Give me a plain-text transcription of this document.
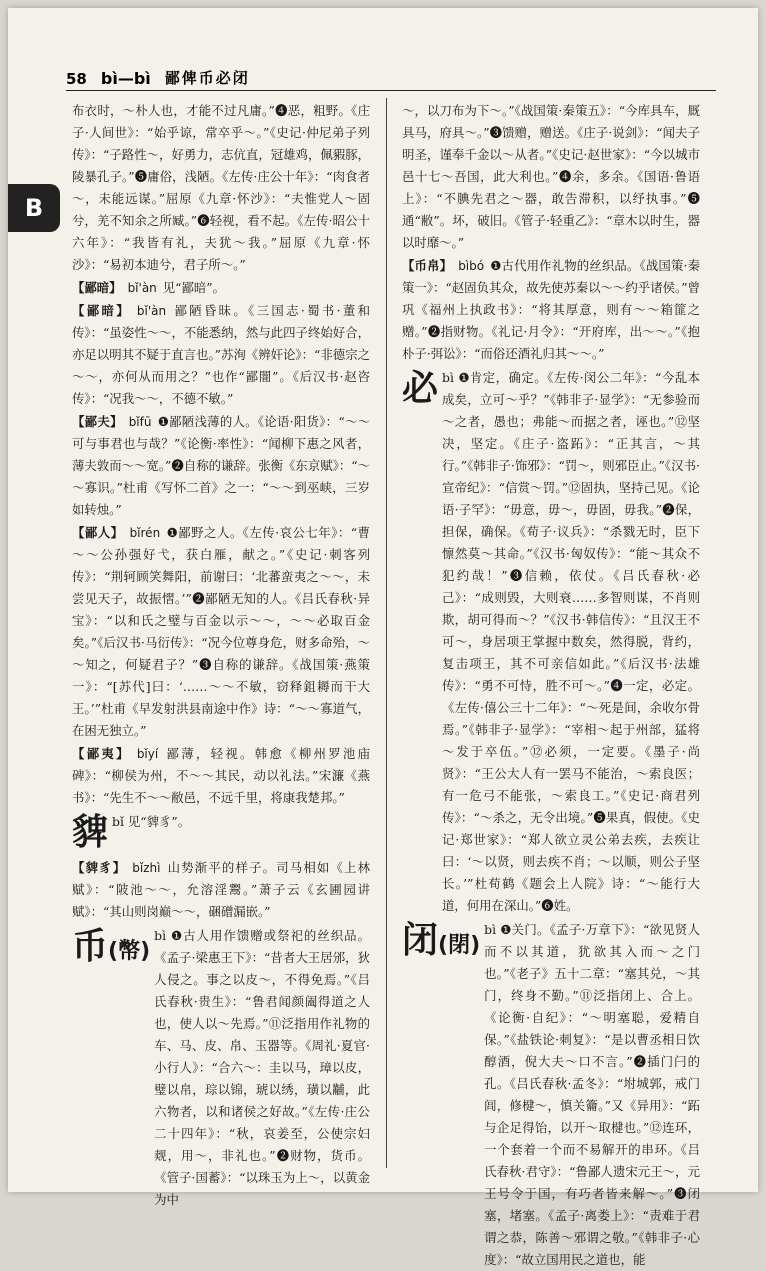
58 bì—bì 鄙俾币必闭
B
布衣时，～朴人也，才能不过凡庸。”❹恶，粗野。《庄子·人间世》：“始乎谅，常卒乎～。”《史记·仲尼弟子列传》：“子路性～，好勇力，志伉直，冠雄鸡，佩豭豚，陵暴孔子。”❺庸俗，浅陋。《左传·庄公十年》：“肉食者～，未能远谋。”屈原《九章·怀沙》：“夫惟党人～固兮，羌不知余之所臧。”❻轻视，看不起。《左传·昭公十六年》：“我皆有礼，夫犹～我。”屈原《九章·怀沙》：“易初本迪兮，君子所～。”
【鄙暗】 bǐ'àn 见“鄙暗”。
【鄙暗】 bǐ'àn 鄙陋昏昧。《三国志·蜀书·董和传》：“虽姿性～～，不能悉纳，然与此四子终始好合，亦足以明其不疑于直言也。”苏洵《辨奸论》：“非德宗之～～，亦何从而用之？”也作“鄙闇”。《后汉书·赵咨传》：“况我～～，不德不敏。”
【鄙夫】 bǐfū ❶鄙陋浅薄的人。《论语·阳货》：“～～可与事君也与哉？”《论衡·率性》：“闻柳下惠之风者，薄夫敦而～～宽。”❷自称的谦辞。张衡《东京赋》：“～～寡识。”杜甫《写怀二首》之一：“～～到巫峡，三岁如转烛。”
【鄙人】 bǐrén ❶鄙野之人。《左传·哀公七年》：“曹～～公孙强好弋，获白雁，献之。”《史记·刺客列传》：“荆轲顾笑舞阳，前谢曰：‘北蕃蛮夷之～～，未尝见天子，故振慴。’”❷鄙陋无知的人。《吕氏春秋·异宝》：“以和氏之璧与百金以示～～，～～必取百金矣。”《后汉书·马衍传》：“况今位尊身危，财多命殆，～～知之，何疑君子？”❸自称的谦辞。《战国策·燕策一》：“[苏代]曰：‘……～～不敏，窃释鉏耨而干大王。’”杜甫《早发射洪县南途中作》诗：“～～寡道气，在困无独立。”
【鄙夷】 bǐyí 鄙薄，轻视。韩愈《柳州罗池庙碑》：“柳侯为州，不～～其民，动以礼法。”宋濂《燕书》：“先生不～～敝邑，不远千里，将康我楚邦。”
貏 bǐ 见“貏豸”。
【貏豸】 bǐzhì 山势渐平的样子。司马相如《上林赋》：“陂池～～，允溶淫鬻。”萧子云《玄圃园讲赋》：“其山则岗巅～～，硱磳漏嵌。”
币(幣)
bì ❶古人用作馈赠或祭祀的丝织品。《孟子·梁惠王下》：“昔者大王居邠，狄人侵之。事之以皮～，不得免焉。”《吕氏春秋·贵生》：“鲁君闻颜阖得道之人也，使人以～先焉。”⑪泛指用作礼物的车、马、皮、帛、玉器等。《周礼·夏官·小行人》：“合六～：圭以马，璋以皮，璧以帛，琮以锦，琥以绣，璜以黼，此六物者，以和诸侯之好故。”《左传·庄公二十四年》：“秋，哀姜至，公使宗妇觌，用～，非礼也。”❷财物，货币。《管子·国蓄》：“以珠玉为上～，以黄金为中
～，以刀布为下～。”《战国策·秦策五》：“今库具车，厩具马，府具～。”❸馈赠，赠送。《庄子·说剑》：“闻夫子明圣，谨奉千金以～从者。”《史记·赵世家》：“今以城市邑十七～吾国，此大利也。”❹余，多余。《国语·鲁语上》：“不腆先君之～器，敢告滞积，以纾执事。”❺通“敝”。坏，破旧。《管子·轻重乙》：“章木以时生，器以时靡～。”
【币帛】 bìbó ❶古代用作礼物的丝织品。《战国策·秦策一》：“赵固负其众，故先使苏秦以～～约乎诸侯。”曾巩《福州上执政书》：“将其厚意，则有～～箱篚之赠。”❷指财物。《礼记·月令》：“开府库，出～～。”《抱朴子·弭讼》：“而俗还酒礼归其～～。”
必 bì ❶肯定，确定。《左传·闵公二年》：“今乱本成矣，立可～乎？”《韩非子·显学》：“无参验而～之者，愚也；弗能～而据之者，诬也。”⑫坚决，坚定。《庄子·盗跖》：“正其言，～其行。”《韩非子·饰邪》：“罚～，则邪臣止。”《汉书·宣帝纪》：“信赏～罚。”⑫固执，坚持己见。《论语·子罕》：“毋意，毋～，毋固，毋我。”❷保，担保，确保。《荀子·议兵》：“杀戮无时，臣下懔然莫～其命。”《汉书·匈奴传》：“能～其众不犯约哉！”❸信赖，依仗。《吕氏春秋·必己》：“成则毁，大则衰……多智则谋，不肖则欺，胡可得而～？”《汉书·韩信传》：“且汉王不可～，身居项王掌握中数矣，然得脱，背约，复击项王，其不可亲信如此。”《后汉书·法雄传》：“勇不可恃，胜不可～。”❹一定，必定。《左传·僖公三十二年》：“～死是间，余收尔骨焉。”《韩非子·显学》：“宰相～起于州部，猛将～发于卒伍。”⑫必须，一定要。《墨子·尚贤》：“王公大人有一罢马不能治，～索良医；有一危弓不能张，～索良工。”《史记·商君列传》：“～杀之，无令出境。”❺果真，假使。《史记·郑世家》：“郑人欲立灵公弟去疾，去疾让曰：‘～以贤，则去疾不肖；～以顺，则公子坚长。’”杜荀鹤《题会上人院》诗：“～能行大道，何用在深山。”❻姓。
闭(閉)
bì ❶关门。《孟子·万章下》：“欲见贤人而不以其道，犹欲其入而～之门也。”《老子》五十二章：“塞其兑，～其门，终身不勤。”⑪泛指闭上、合上。《论衡·自纪》：“～明塞聪，爱精自保。”《盐铁论·刺复》：“是以曹丞相日饮醇酒，倪大夫～口不言。”❷插门闩的孔。《吕氏春秋·孟冬》：“坿城郭，戒门闾，修楗～，慎关籥。”又《异用》：“跖与企足得饴，以开～取楗也。”⑫连环，一个套着一个而不易解开的串环。《吕氏春秋·君守》：“鲁鄙人遗宋元王～，元王号令于国，有巧者皆来解～。”❸闭塞，堵塞。《孟子·离娄上》：“责难于君谓之恭，陈善～邪谓之敬。”《韩非子·心度》：“故立国用民之道也，能
